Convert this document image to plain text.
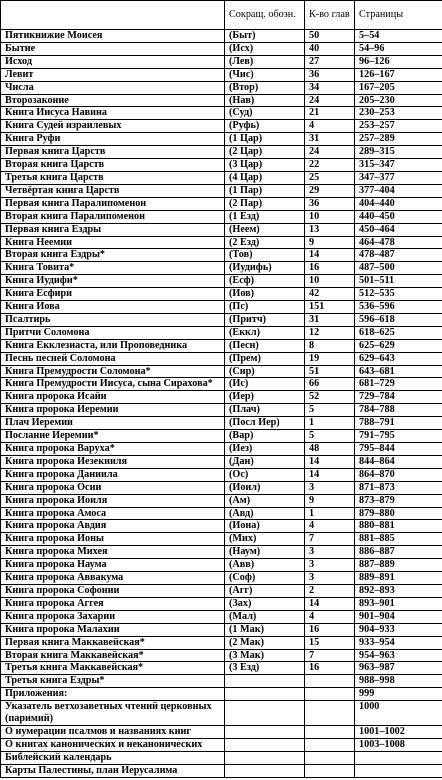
	Сокращ. обозн.	К-во глав	Страницы
Пятикнижие Моисея	(Быт)	50	5–54
Бытие	(Исх)	40	54–96
Исход	(Лев)	27	96–126
Левит	(Чис)	36	126–167
Числа	(Втор)	34	167–205
Второзаконие	(Нав)	24	205–230
Книга Иисуса Навина	(Суд)	21	230–253
Книга Судей израилевых	(Руфь)	4	253–257
Книга Руфи	(1 Цар)	31	257–289
Первая книга Царств	(2 Цар)	24	289–315
Вторая книга Царств	(3 Цар)	22	315–347
Третья книга Царств	(4 Цар)	25	347–377
Четвёртая книга Царств	(1 Пар)	29	377–404
Первая книга Паралипоменон	(2 Пар)	36	404–440
Вторая книга Паралипоменон	(1 Езд)	10	440–450
Первая книга Ездры	(Неем)	13	450–464
Книга Неемии	(2 Езд)	9	464–478
Вторая книга Ездры*	(Тов)	14	478–487
Книга Товита*	(Иудифь)	16	487–500
Книга Иудифи*	(Есф)	10	501–511
Книга Есфири	(Иов)	42	512–535
Книга Иова	(Пс)	151	536–596
Псалтирь	(Притч)	31	596–618
Притчи Соломона	(Еккл)	12	618–625
Книга Екклезиаста, или Проповедника	(Песн)	8	625–629
Песнь песней Соломона	(Прем)	19	629–643
Книга Премудрости Соломона*	(Сир)	51	643–681
Книга Премудрости Иисуса, сына Сирахова*	(Ис)	66	681–729
Книга пророка Исайи	(Иер)	52	729–784
Книга пророка Иеремии	(Плач)	5	784–788
Плач Иеремии	(Посл Иер)	1	788–791
Послание Иеремии*	(Вар)	5	791–795
Книга пророка Варуха*	(Иез)	48	795–844
Книга пророка Иезекииля	(Дан)	14	844–864
Книга пророка Даниила	(Ос)	14	864–870
Книга пророка Осии	(Иоил)	3	871–873
Книга пророка Иоиля	(Ам)	9	873–879
Книга пророка Амоса	(Авд)	1	879–880
Книга пророка Авдия	(Иона)	4	880–881
Книга пророка Ионы	(Мих)	7	881–885
Книга пророка Михея	(Наум)	3	886–887
Книга пророка Наума	(Авв)	3	887–889
Книга пророка Аввакума	(Соф)	3	889–891
Книга пророка Софонии	(Агг)	2	892–893
Книга пророка Аггея	(Зах)	14	893–901
Книга пророка Захарии	(Мал)	4	901–904
Книга пророка Малахии	(1 Мак)	16	904–933
Первая книга Маккавейская*	(2 Мак)	15	933–954
Вторая книга Маккавейская*	(3 Мак)	7	954–963
Третья книга Маккавейская*	(3 Езд)	16	963–987
Третья книга Ездры*			988–998
Приложения:			999
Указатель ветхозаветных чтений церковных (паримий)			1000
О нумерации псалмов и названиях книг			1001–1002
О книгах канонических и неканонических			1003–1008
Библейский календарь			
Карты Палестины, план Иерусалима			
